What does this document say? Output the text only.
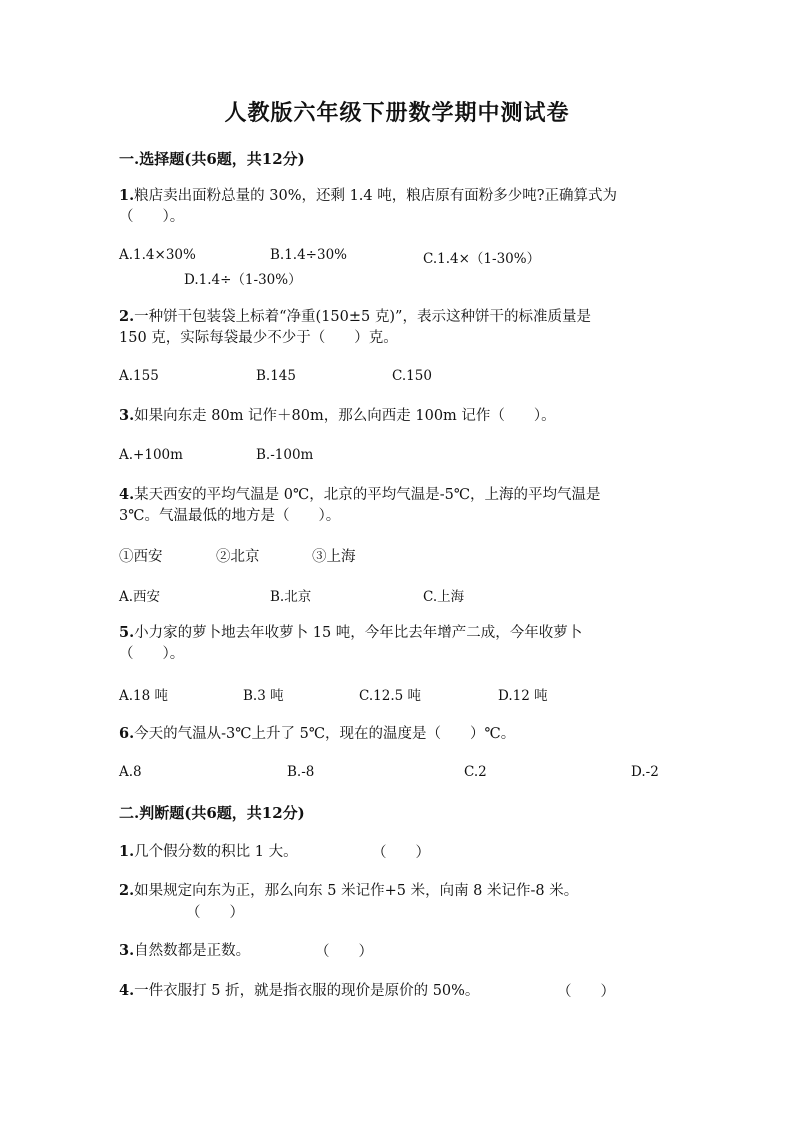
人教版六年级下册数学期中测试卷
一.选择题(共6题，共12分)
1.粮店卖出面粉总量的 30%，还剩 1.4 吨，粮店原有面粉多少吨?正确算式为
（　　）。
A.1.4×30%	B.1.4÷30%	C.1.4×（1-30%）
D.1.4÷（1-30%）
2.一种饼干包装袋上标着“净重(150±5 克)”，表示这种饼干的标准质量是
150 克，实际每袋最少不少于（　　）克。
A.155	B.145	C.150
3.如果向东走 80m 记作＋80m，那么向西走 100m 记作（　　）。
A.+100m	B.-100m
4.某天西安的平均气温是 0℃，北京的平均气温是-5℃，上海的平均气温是
3℃。气温最低的地方是（　　）。
①西安	②北京	③上海
A.西安	B.北京	C.上海
5.小力家的萝卜地去年收萝卜 15 吨，今年比去年增产二成，今年收萝卜
（　　）。
A.18 吨	B.3 吨	C.12.5 吨	D.12 吨
6.今天的气温从-3℃上升了 5℃，现在的温度是（　　）℃。
A.8	B.-8	C.2	D.-2
二.判断题(共6题，共12分)
1.几个假分数的积比 1 大。	（　　）
2.如果规定向东为正，那么向东 5 米记作+5 米，向南 8 米记作-8 米。
（　　）
3.自然数都是正数。	（　　）
4.一件衣服打 5 折，就是指衣服的现价是原价的 50%。	（　　）
